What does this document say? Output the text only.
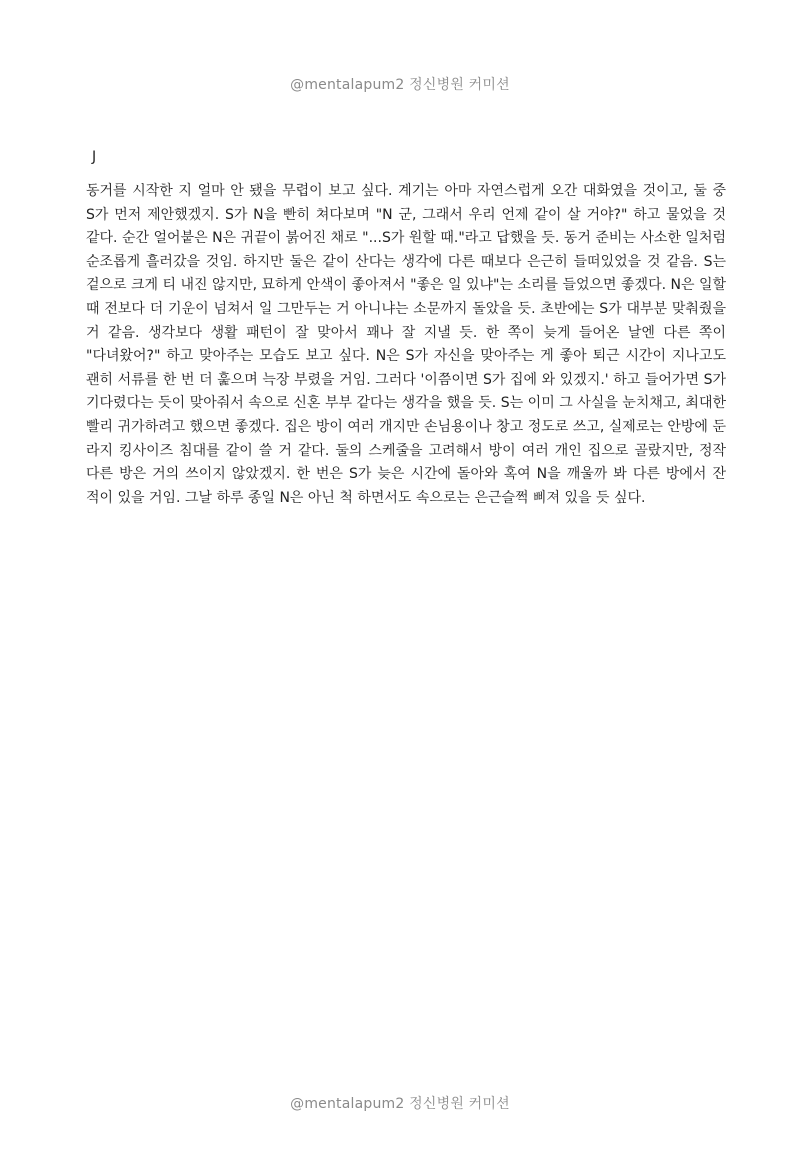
@mentalapum2 정신병원 커미션
J
동거를 시작한 지 얼마 안 됐을 무렵이 보고 싶다. 계기는 아마 자연스럽게 오간 대화였을 것이고, 둘 중 S가 먼저 제안했겠지. S가 N을 빤히 쳐다보며 "N 군, 그래서 우리 언제 같이 살 거야?" 하고 물었을 것 같다. 순간 얼어붙은 N은 귀끝이 붉어진 채로 "...S가 원할 때."라고 답했을 듯. 동거 준비는 사소한 일처럼 순조롭게 흘러갔을 것임. 하지만 둘은 같이 산다는 생각에 다른 때보다 은근히 들떠있었을 것 같음. S는 겉으로 크게 티 내진 않지만, 묘하게 안색이 좋아져서 "좋은 일 있냐"는 소리를 들었으면 좋겠다. N은 일할 때 전보다 더 기운이 넘쳐서 일 그만두는 거 아니냐는 소문까지 돌았을 듯. 초반에는 S가 대부분 맞춰줬을 거 같음. 생각보다 생활 패턴이 잘 맞아서 꽤나 잘 지낼 듯. 한 쪽이 늦게 들어온 날엔 다른 쪽이 "다녀왔어?" 하고 맞아주는 모습도 보고 싶다. N은 S가 자신을 맞아주는 게 좋아 퇴근 시간이 지나고도 괜히 서류를 한 번 더 훑으며 늑장 부렸을 거임. 그러다 '이쯤이면 S가 집에 와 있겠지.' 하고 들어가면 S가 기다렸다는 듯이 맞아줘서 속으로 신혼 부부 같다는 생각을 했을 듯. S는 이미 그 사실을 눈치채고, 최대한 빨리 귀가하려고 했으면 좋겠다. 집은 방이 여러 개지만 손님용이나 창고 정도로 쓰고, 실제로는 안방에 둔 라지 킹사이즈 침대를 같이 쓸 거 같다. 둘의 스케줄을 고려해서 방이 여러 개인 집으로 골랐지만, 정작 다른 방은 거의 쓰이지 않았겠지. 한 번은 S가 늦은 시간에 돌아와 혹여 N을 깨울까 봐 다른 방에서 잔 적이 있을 거임. 그날 하루 종일 N은 아닌 척 하면서도 속으로는 은근슬쩍 삐져 있을 듯 싶다.
@mentalapum2 정신병원 커미션
